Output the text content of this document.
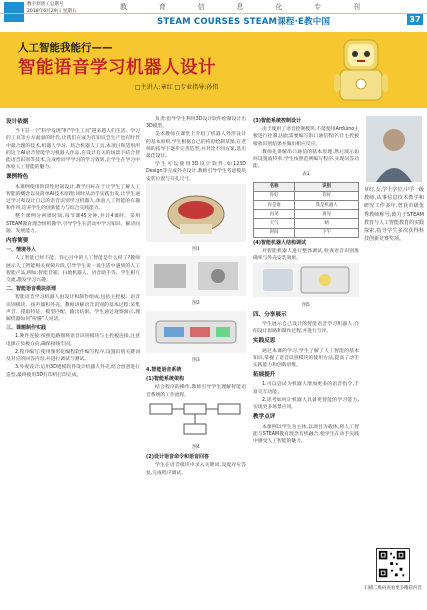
数字原创 / 总期号
2018年6月29日 星期五	教	育	信	息	化	专	刊
STEAM COURSES STEAM课程·E教中国	37
人工智能我能行——
智能语音学习机器人设计
□主讲人:章红 □专业指导:孙伟
设计依据

当下是一个"科学发现"和"学生工具"越来越人们生活、学习的工具等方方面面的时代,让我们在成为有知识会生产也有时代中最合理的技术,机器人学习、结合机器人工具,本项目和适用所的这个AI语音智能学习机器人作品,在设计有关的场景下结合智能语音识别等技术,完成给同学学习的学习效果,让学生在学习中体验人工智能的魅力。

课例特色

本课例使用阶段性时间设计,教学目标在于让学生了解人工智能的概念以及简单AI技术原理;同时从动手实践出发,让学生通过学习和设计自己的语音识别学习机器人,体验人工智能的有趣和作用,培养学生的创新能力与综合实践能力。

整个课例分两周时间,每节课45分钟,共计4课时。采用STEAM教育理念组织教学,引导学生在活动中学习知识、解决问题、发展能力。

内容简要
一、情境导入

人工智能已经不能。你心目中的人工智能是什么样子?教师展示人工智能相关视频片段,引导学生说一说生活中遇到的人工智能产品,例如:智能音箱、扫地机器人、语音助手等。学生相互交流,激发学习兴趣。

二、智能语音模块原理

智能语音学习机器人由设计和制作组成,包括主控板、语音识别模块、扬声器和外壳。教师讲解语音识别的基本过程:采集声音、提取特征、模型匹配、输出结果。学生通过观察演示,理解机器如何"听懂"人说话。

三、课题制作实践

1.硬件连接:按照电路图将语音识别模块与主控板连接,注意电源正负极方向,确保接线牢固。

2.程序编写:使用图形化编程软件编写程序,设置识别关键词及对应的回答内容,并进行调试与测试。

3.外观设计:运用3D建模软件设计机器人外壳,结合创意进行造型,最终使用3D打印机打印完成。

负责:指导学生利用3D设计软件绘制设计出3D模型。

美术教师在课堂上介绍了机器人外形设计的基本原则,学生根据自己的构思绘制草图,在老师的指导下逐步完善造型,并对比不同方案,选出最佳设计。

学生可以使用3D设计软件,如123D Design等完成外壳设计,教师引导学生考虑模块安装位置与开孔尺寸。

图1
图2
图3
4.智能语音系统
(1)智能系统架构

结合程序的操作,教师引导学生理解智能语音系统的工作流程。

图4
(2)设计语音命令和语音回答

学生在语音模块中录入关键词,设置对应答复,完成程序调试。

(3)智能系统控制设计

由于使用了语音控制模块,不能使用Arduino主板进行控制,因此需要编写串口通信程序,让主控板接收识别结果并做出相应反应。

教师先讲解串口通信的基本原理,然后演示如何设置波特率,学生按照范例编写程序,实现问答功能。

表1
名称	识别
你好	你好
你是谁	我是机器人
再见	再见
天气	晴
时间	下午
(4)智能机器人结构调试

对智能机器人进行整体调试,检查语音识别准确率与外壳安装效果。

图5
四、分享展示

学生展示自己设计的智能语音学习机器人,介绍设计思路和制作过程,并进行互评。

实践反思

通过本课的学习,学生了解了人工智能的基本知识,掌握了语音识别模块的使用方法,提高了动手实践能力和创新思维。

拓展提升

1.可以尝试为机器人增加更多的语音指令,丰富交互功能。

2.思考如何让机器人具备更智能的学习能力,实现更多场景应用。

教学点评

本课例以学生为主体,以项目为载体,将人工智能与STEAM教育理念有机融合,使学生在动手实践中感受人工智能的魅力。

章红,女,学士学位,中学一级教师,从事信息技术教学和研究工作多年,曾获市级优秀教师称号,致力于STEAM教育与人工智能教育的实践探索,指导学生多次获得科技创新竞赛奖项。
扫描二维码查看更多精彩内容
